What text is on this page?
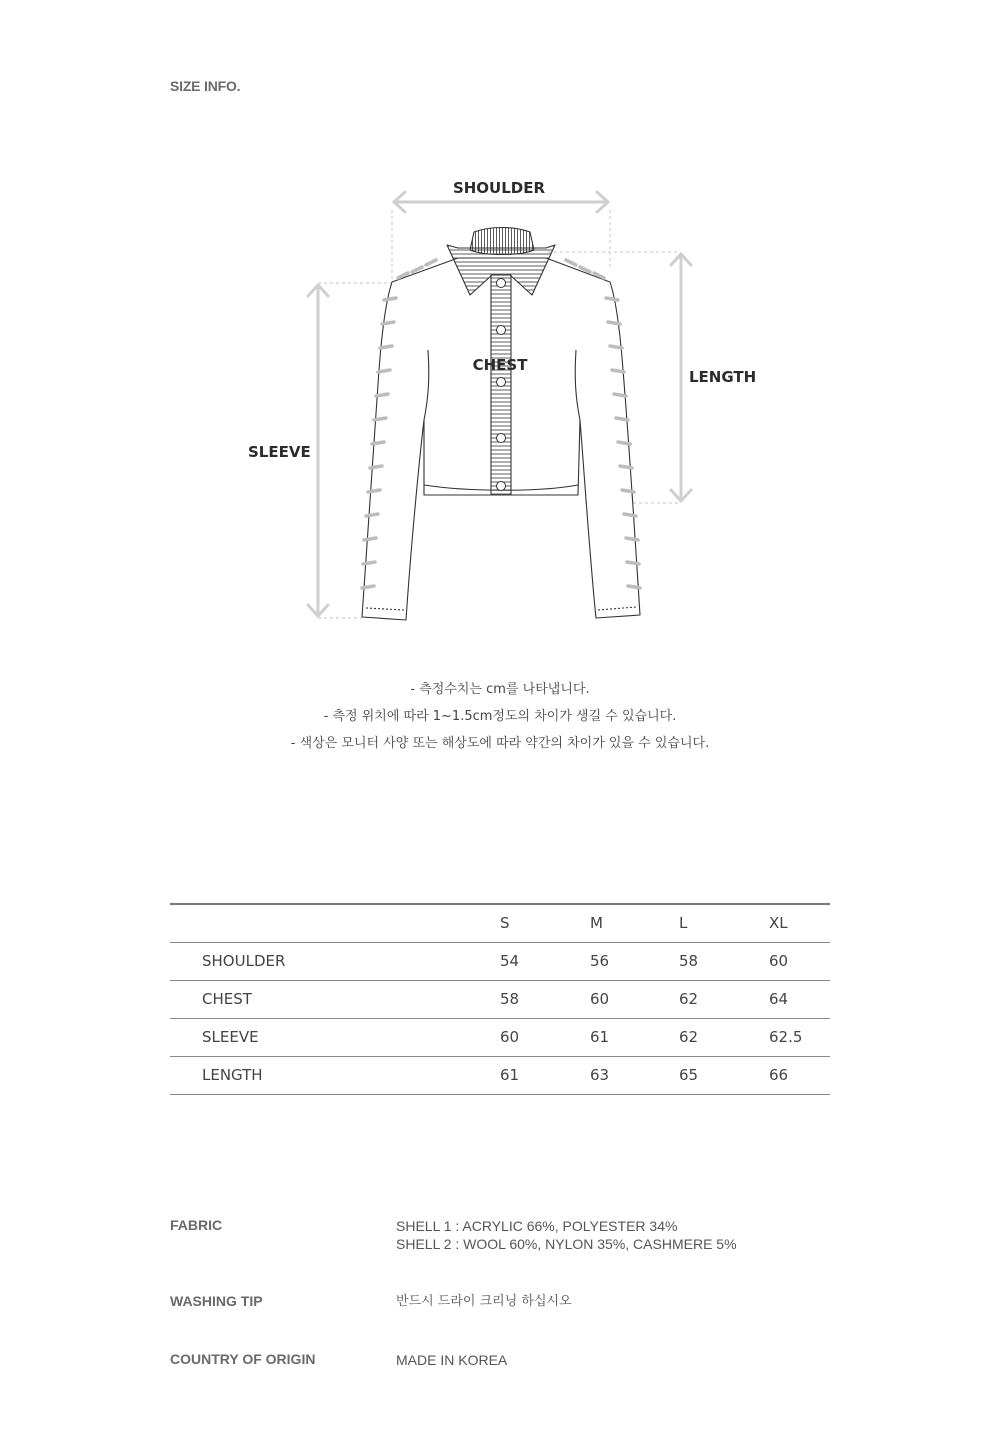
SIZE INFO.
SHOULDER
CHEST
LENGTH
SLEEVE
- 측정수치는 cm를 나타냅니다.
- 측정 위치에 따라 1~1.5cm정도의 차이가 생길 수 있습니다.
- 색상은 모니터 사양 또는 해상도에 따라 약간의 차이가 있을 수 있습니다.
	S	M	L	XL
SHOULDER	54	56	58	60
CHEST	58	60	62	64
SLEEVE	60	61	62	62.5
LENGTH	61	63	65	66
FABRIC	SHELL 1 : ACRYLIC 66%, POLYESTER 34%
SHELL 2 : WOOL 60%, NYLON 35%, CASHMERE 5%
WASHING TIP	반드시 드라이 크리닝 하십시오
COUNTRY OF ORIGIN	MADE IN KOREA
